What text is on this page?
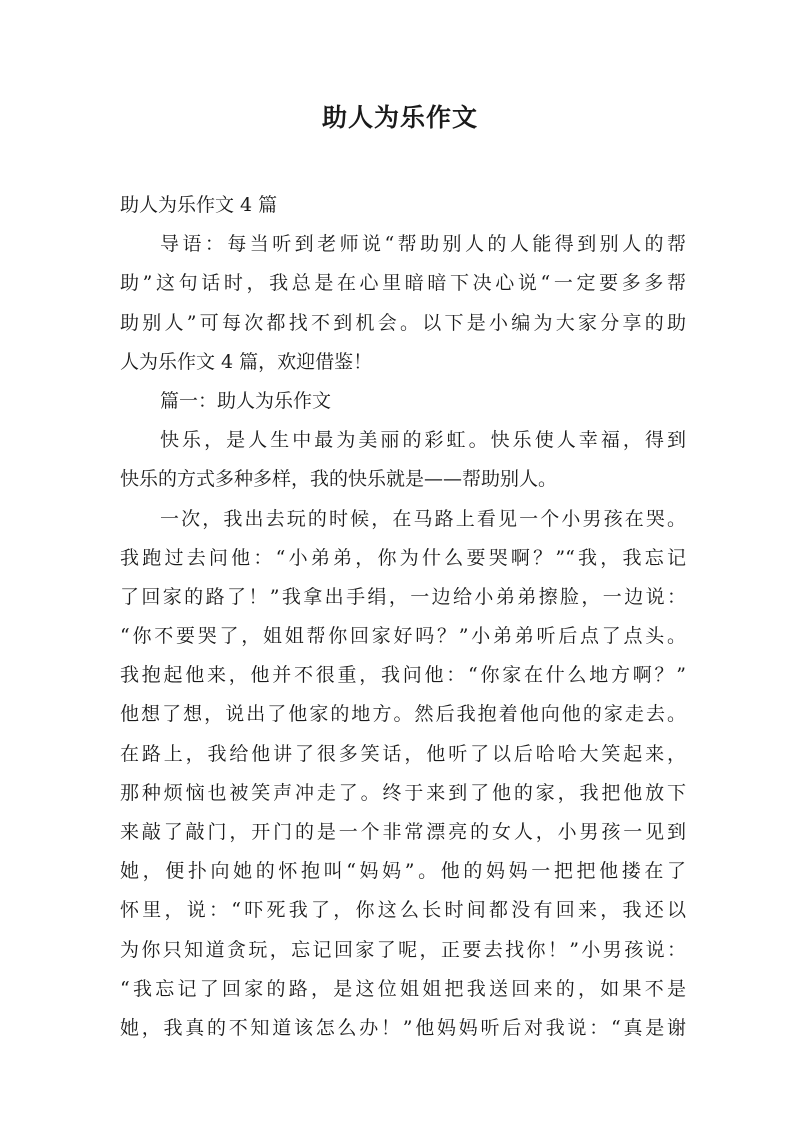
助人为乐作文
助人为乐作文 4 篇
导语：每当听到老师说“帮助别人的人能得到别人的帮
助”这句话时，我总是在心里暗暗下决心说“一定要多多帮
助别人”可每次都找不到机会。以下是小编为大家分享的助
人为乐作文 4 篇，欢迎借鉴！
篇一：助人为乐作文
快乐，是人生中最为美丽的彩虹。快乐使人幸福，得到
快乐的方式多种多样，我的快乐就是——帮助别人。
一次，我出去玩的时候，在马路上看见一个小男孩在哭。
我跑过去问他：“小弟弟，你为什么要哭啊？”“我，我忘记
了回家的路了！”我拿出手绢，一边给小弟弟擦脸，一边说：
“你不要哭了，姐姐帮你回家好吗？”小弟弟听后点了点头。
我抱起他来，他并不很重，我问他：“你家在什么地方啊？”
他想了想，说出了他家的地方。然后我抱着他向他的家走去。
在路上，我给他讲了很多笑话，他听了以后哈哈大笑起来，
那种烦恼也被笑声冲走了。终于来到了他的家，我把他放下
来敲了敲门，开门的是一个非常漂亮的女人，小男孩一见到
她，便扑向她的怀抱叫“妈妈”。他的妈妈一把把他搂在了
怀里，说：“吓死我了，你这么长时间都没有回来，我还以
为你只知道贪玩，忘记回家了呢，正要去找你！”小男孩说：
“我忘记了回家的路，是这位姐姐把我送回来的，如果不是
她，我真的不知道该怎么办！”他妈妈听后对我说：“真是谢
